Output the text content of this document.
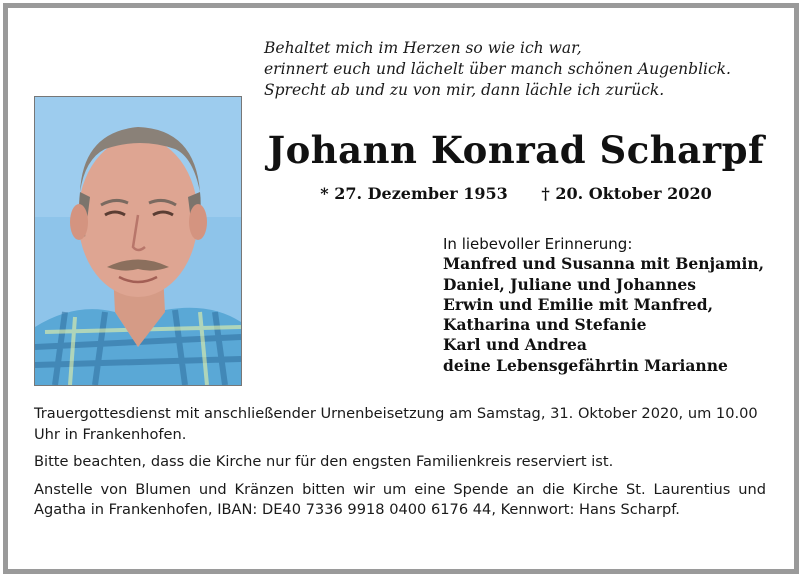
Behaltet mich im Herzen so wie ich war,
erinnert euch und lächelt über manch schönen Augenblick.
Sprecht ab und zu von mir, dann lächle ich zurück.
Johann Konrad Scharpf
* 27. Dezember 1953 † 20. Oktober 2020
In liebevoller Erinnerung:
Manfred und Susanna mit Benjamin,
Daniel, Juliane und Johannes
Erwin und Emilie mit Manfred,
Katharina und Stefanie
Karl und Andrea
deine Lebensgefährtin Marianne

Trauergottesdienst mit anschließender Urnenbeisetzung am Samstag, 31. Oktober 2020, um 10.00 Uhr in Frankenhofen.

Bitte beachten, dass die Kirche nur für den engsten Familienkreis reserviert ist.

Anstelle von Blumen und Kränzen bitten wir um eine Spende an die Kirche St. Laurentius und Agatha in Frankenhofen, IBAN: DE40 7336 9918 0400 6176 44, Kennwort: Hans Scharpf.
